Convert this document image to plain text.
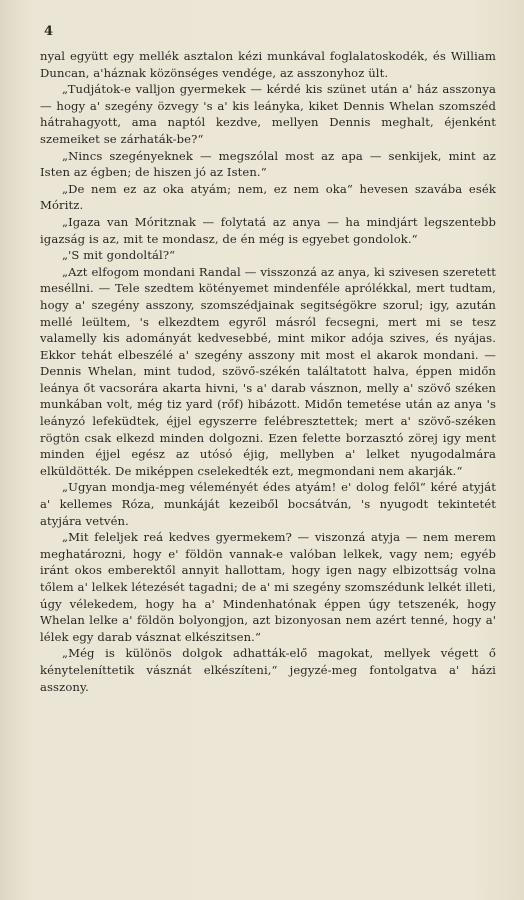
4

nyal együtt egy mellék asztalon kézi munkával foglalatoskodék, és William Duncan, a'háznak közönséges vendége, az asszonyhoz ült.

„Tudjátok-e valljon gyermekek — kérdé kis szünet után a' ház asszonya — hogy a' szegény özvegy 's a' kis leányka, kiket Dennis Whelan szomszéd hátrahagyott, ama naptól kezdve, mellyen Dennis meghalt, éjenként szemeiket se zárhaták-be?“

„Nincs szegényeknek — megszólal most az apa — senkijek, mint az Isten az égben; de hiszen jó az Isten.“

„De nem ez az oka atyám; nem, ez nem oka“ hevesen szavába esék Móritz.

„Igaza van Móritznak — folytatá az anya — ha mindjárt legszentebb igazság is az, mit te mondasz, de én még is egyebet gondolok.“

„'S mit gondoltál?“

„Azt elfogom mondani Randal — visszonzá az anya, ki szivesen szeretett meséllni. — Tele szedtem kötényemet mindenféle aprólékkal, mert tudtam, hogy a' szegény asszony, szomszédjainak segitségökre szorul; igy, azután mellé leültem, 's elkezdtem egyről másról fecsegni, mert mi se tesz valamelly kis adományát kedvesebbé, mint mikor adója szives, és nyájas. Ekkor tehát elbeszélé a' szegény asszony mit most el akarok mondani. — Dennis Whelan, mint tudod, szövő-székén találtatott halva, éppen midőn leánya őt vacsorára akarta hivni, 's a' darab vásznon, melly a' szövő széken munkában volt, még tiz yard (rőf) hibázott. Midőn temetése után az anya 's leányzó lefeküdtek, éjjel egyszerre felébresztettek; mert a' szövő-széken rögtön csak elkezd minden dolgozni. Ezen felette borzasztó zörej igy ment minden éjjel egész az utósó éjig, mellyben a' lelket nyugodalmára elküldötték. De miképpen cselekedték ezt, megmondani nem akarják.“

„Ugyan mondja-meg véleményét édes atyám! e' dolog felől“ kéré atyját a' kellemes Róza, munkáját kezeiből bocsátván, 's nyugodt tekintetét atyjára vetvén.

„Mit feleljek reá kedves gyermekem? — viszonzá atyja — nem merem meghatározni, hogy e' földön vannak-e valóban lelkek, vagy nem; egyéb iránt okos emberektől annyit hallottam, hogy igen nagy elbizottság volna tőlem a' lelkek létezését tagadni; de a' mi szegény szomszédunk lelkét illeti, úgy vélekedem, hogy ha a' Mindenhatónak éppen úgy tetszenék, hogy Whelan lelke a' földön bolyongjon, azt bizonyosan nem azért tenné, hogy a' lélek egy darab vásznat elkészitsen.“

„Még is különös dolgok adhatták-elő magokat, mellyek végett ő kényteleníttetik vásznát elkészíteni,“ jegyzé-meg fontolgatva a' házi asszony.
